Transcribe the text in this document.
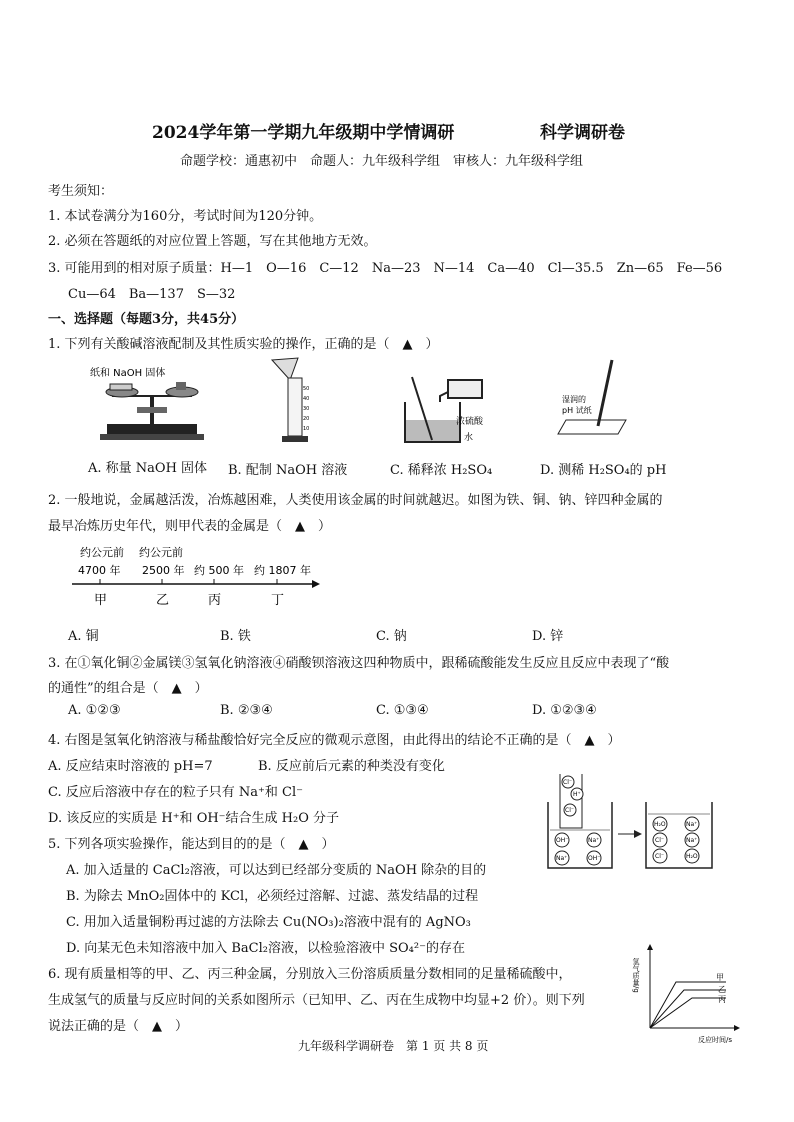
2024学年第一学期九年级期中学情调研	科学调研卷
命题学校：通惠初中　命题人：九年级科学组　审核人：九年级科学组
考生须知：
1. 本试卷满分为160分，考试时间为120分钟。
2. 必须在答题纸的对应位置上答题，写在其他地方无效。
3. 可能用到的相对原子质量：H—1　O—16　C—12　Na—23　N—14　Ca—40　Cl—35.5　Zn—65　Fe—56
Cu—64　Ba—137　S—32
一、选择题（每题3分，共45分）
1. 下列有关酸碱溶液配制及其性质实验的操作，正确的是（　▲　）
纸和 NaOH 固体
A. 称量 NaOH 固体
50
40
30
20
10
B. 配制 NaOH 溶液
浓硫酸
水
C. 稀释浓 H₂SO₄
湿润的
pH 试纸
D. 测稀 H₂SO₄的 pH
2. 一般地说，金属越活泼，冶炼越困难，人类使用该金属的时间就越迟。如图为铁、铜、钠、锌四种金属的
最早冶炼历史年代，则甲代表的金属是（　▲　）
约公元前 约公元前
4700 年 2500 年 约 500 年 约 1807 年
甲	乙	丙	丁
A. 铜	B. 铁	C. 钠	D. 锌
3. 在①氧化铜②金属镁③氢氧化钠溶液④硝酸钡溶液这四种物质中，跟稀硫酸能发生反应且反应中表现了“酸
的通性”的组合是（　▲　）
A. ①②③	B. ②③④	C. ①③④	D. ①②③④
4. 右图是氢氧化钠溶液与稀盐酸恰好完全反应的微观示意图，由此得出的结论不正确的是（　▲　）
A. 反应结束时溶液的 pH=7	B. 反应前后元素的种类没有变化
C. 反应后溶液中存在的粒子只有 Na⁺和 Cl⁻
D. 该反应的实质是 H⁺和 OH⁻结合生成 H₂O 分子
Cl⁻
H⁺
Cl⁻
OH⁻	Na⁺
Na⁺	OH⁻
H₂O	Na⁺
Cl⁻	Na⁺
Cl⁻	H₂O
5. 下列各项实验操作，能达到目的的是（　▲　）
A. 加入适量的 CaCl₂溶液，可以达到已经部分变质的 NaOH 除杂的目的
B. 为除去 MnO₂固体中的 KCl，必须经过溶解、过滤、蒸发结晶的过程
C. 用加入适量铜粉再过滤的方法除去 Cu(NO₃)₂溶液中混有的 AgNO₃
D. 向某无色未知溶液中加入 BaCl₂溶液，以检验溶液中 SO₄²⁻的存在
6. 现有质量相等的甲、乙、丙三种金属，分别放入三份溶质质量分数相同的足量稀硫酸中，
生成氢气的质量与反应时间的关系如图所示（已知甲、乙、丙在生成物中均显+2 价）。则下列
说法正确的是（　▲　）
氢气质量/g
反应时间/s
甲
乙
丙
九年级科学调研卷　第 1 页 共 8 页
